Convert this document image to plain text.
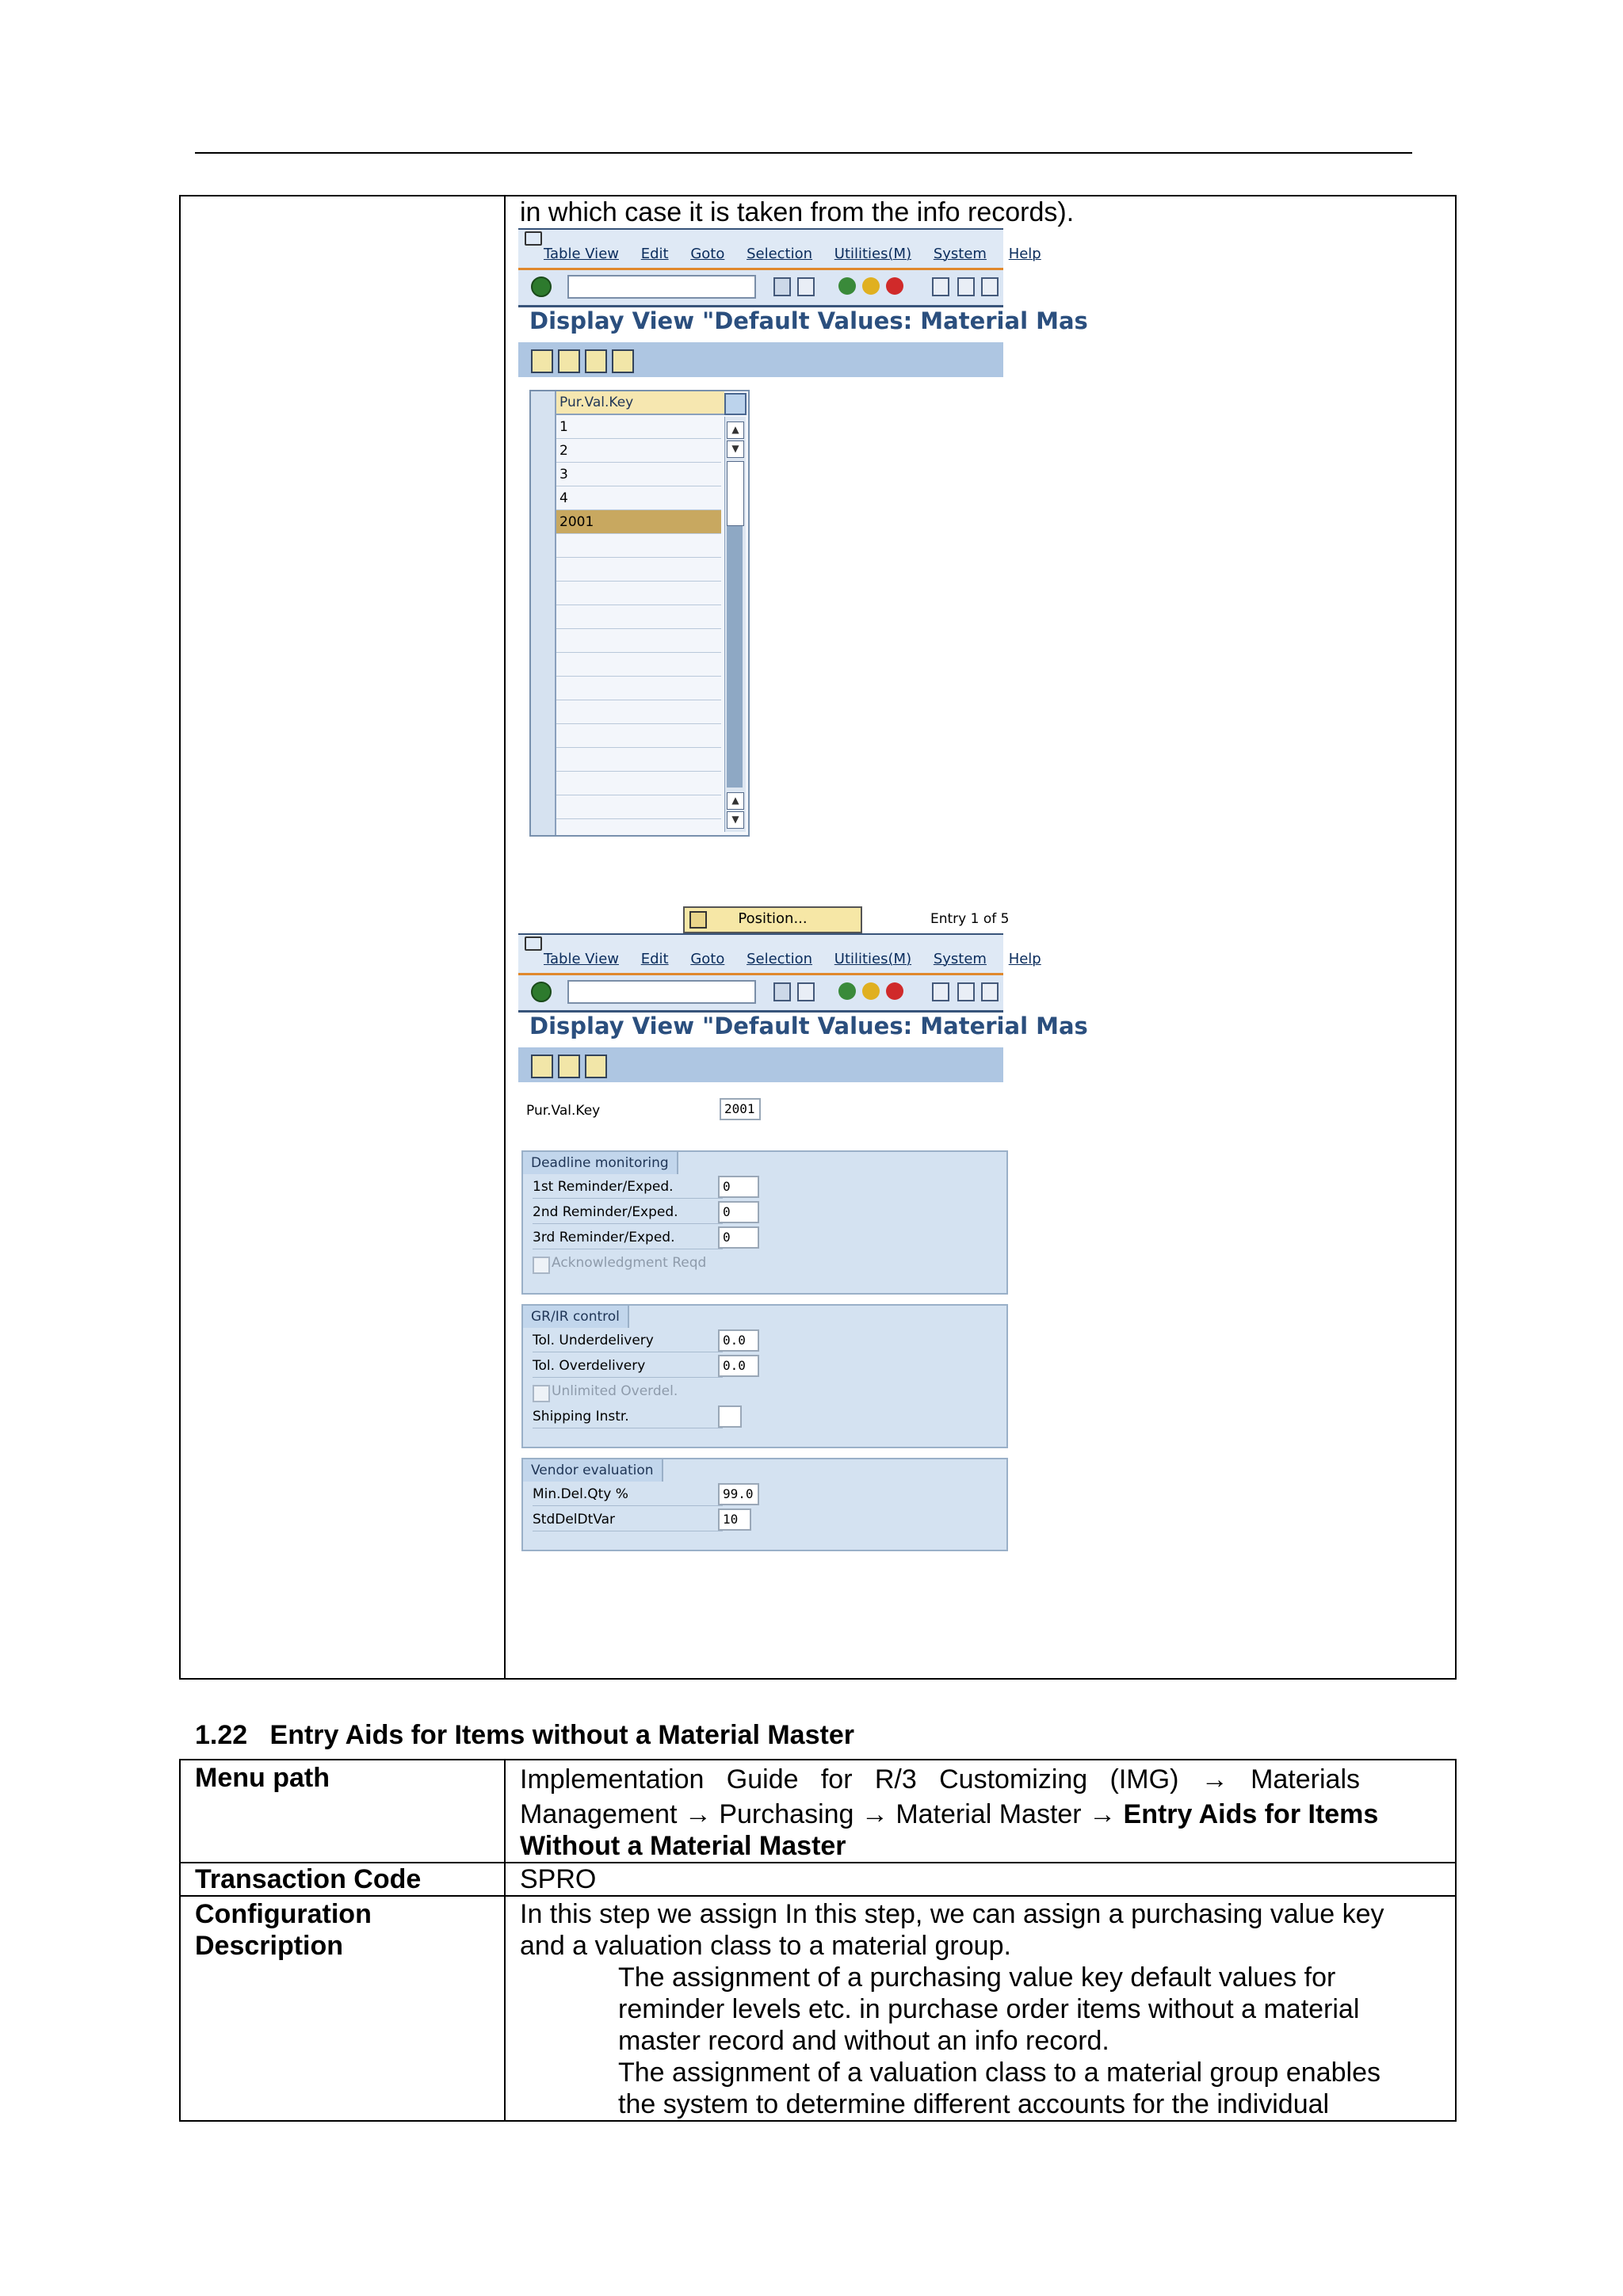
in which case it is taken from the info records).
Table View Edit Goto Selection Utilities(M) System Help
Display View "Default Values: Material Mas
Pur.Val.Key
1
2
3
4
2001
▲
▼
▲
▼
Position...	Entry 1 of 5
Table View Edit Goto Selection Utilities(M) System Help
Display View "Default Values: Material Mas
Pur.Val.Key	2001
Deadline monitoring
1st Reminder/Exped.	0
2nd Reminder/Exped.	0
3rd Reminder/Exped.	0
Acknowledgment Reqd
GR/IR control
Tol. Underdelivery	0.0
Tol. Overdelivery	0.0
Unlimited Overdel.
Shipping Instr.
Vendor evaluation
Min.Del.Qty %	99.0
StdDelDtVar	10
1.22   Entry Aids for Items without a Material Master
Menu path	Implementation   Guide   for   R/3   Customizing   (IMG)   →   Materials
Management → Purchasing → Material Master → Entry Aids for Items
Without a Material Master
Transaction Code	SPRO
Configuration
Description
In this step we assign In this step, we can assign a purchasing value key
and a valuation class to a material group.
The assignment of a purchasing value key default values for
reminder levels etc. in purchase order items without a material
master record and without an info record.
The assignment of a valuation class to a material group enables
the system to determine different accounts for the individual
